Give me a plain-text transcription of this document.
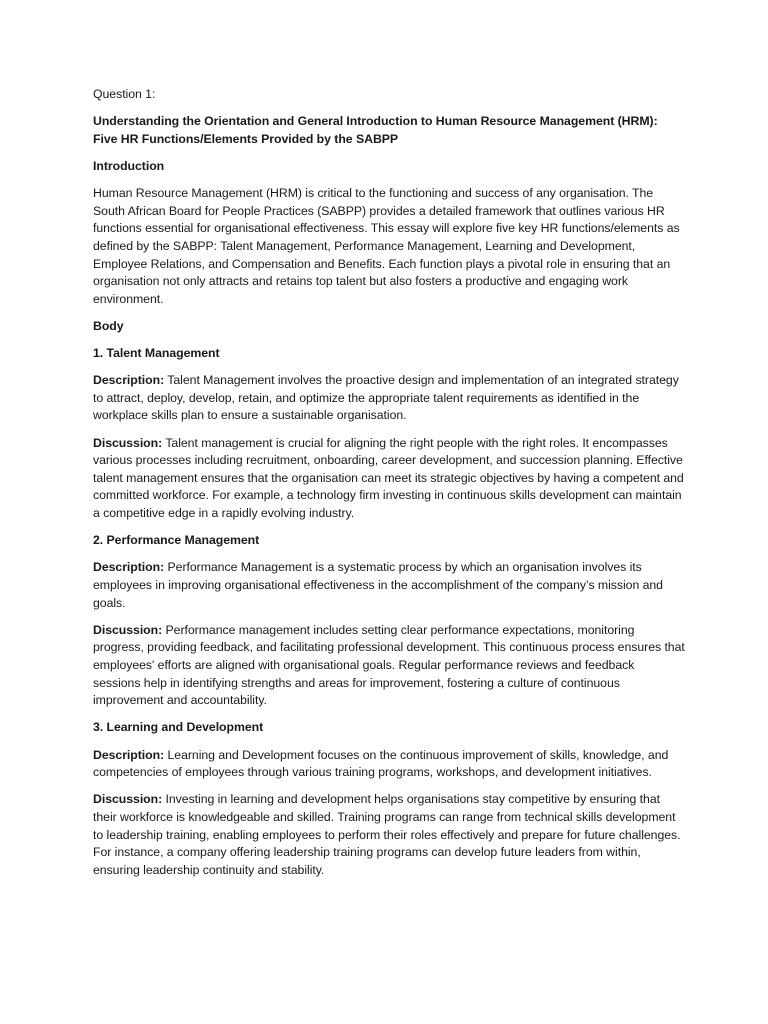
Question 1:

Understanding the Orientation and General Introduction to Human Resource Management (HRM): Five HR Functions/Elements Provided by the SABPP

Introduction

Human Resource Management (HRM) is critical to the functioning and success of any organisation. The South African Board for People Practices (SABPP) provides a detailed framework that outlines various HR functions essential for organisational effectiveness. This essay will explore five key HR functions/elements as defined by the SABPP: Talent Management, Performance Management, Learning and Development, Employee Relations, and Compensation and Benefits. Each function plays a pivotal role in ensuring that an organisation not only attracts and retains top talent but also fosters a productive and engaging work environment.

Body

1. Talent Management

Description: Talent Management involves the proactive design and implementation of an integrated strategy to attract, deploy, develop, retain, and optimize the appropriate talent requirements as identified in the workplace skills plan to ensure a sustainable organisation.

Discussion: Talent management is crucial for aligning the right people with the right roles. It encompasses various processes including recruitment, onboarding, career development, and succession planning. Effective talent management ensures that the organisation can meet its strategic objectives by having a competent and committed workforce. For example, a technology firm investing in continuous skills development can maintain a competitive edge in a rapidly evolving industry.

2. Performance Management

Description: Performance Management is a systematic process by which an organisation involves its employees in improving organisational effectiveness in the accomplishment of the company’s mission and goals.

Discussion: Performance management includes setting clear performance expectations, monitoring progress, providing feedback, and facilitating professional development. This continuous process ensures that employees' efforts are aligned with organisational goals. Regular performance reviews and feedback sessions help in identifying strengths and areas for improvement, fostering a culture of continuous improvement and accountability.

3. Learning and Development

Description: Learning and Development focuses on the continuous improvement of skills, knowledge, and competencies of employees through various training programs, workshops, and development initiatives.

Discussion: Investing in learning and development helps organisations stay competitive by ensuring that their workforce is knowledgeable and skilled. Training programs can range from technical skills development to leadership training, enabling employees to perform their roles effectively and prepare for future challenges. For instance, a company offering leadership training programs can develop future leaders from within, ensuring leadership continuity and stability.
